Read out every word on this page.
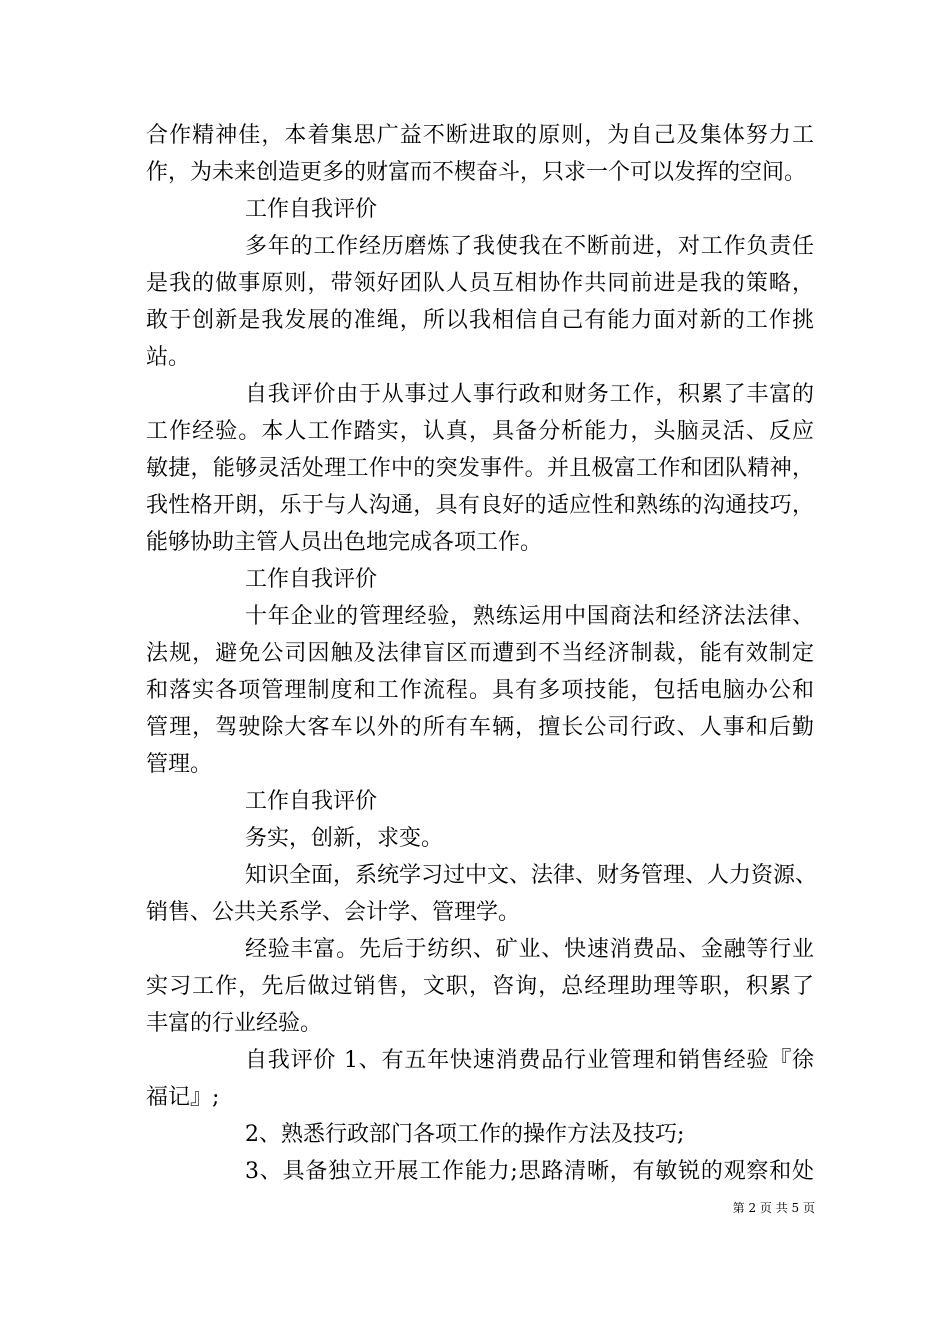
合作精神佳，本着集思广益不断进取的原则，为自己及集体努力工
作，为未来创造更多的财富而不楔奋斗，只求一个可以发挥的空间。
工作自我评价
多年的工作经历磨炼了我使我在不断前进，对工作负责任
是我的做事原则，带领好团队人员互相协作共同前进是我的策略，
敢于创新是我发展的准绳，所以我相信自己有能力面对新的工作挑
站。
自我评价由于从事过人事行政和财务工作，积累了丰富的
工作经验。本人工作踏实，认真，具备分析能力，头脑灵活、反应
敏捷，能够灵活处理工作中的突发事件。并且极富工作和团队精神，
我性格开朗，乐于与人沟通，具有良好的适应性和熟练的沟通技巧，
能够协助主管人员出色地完成各项工作。
工作自我评价
十年企业的管理经验，熟练运用中国商法和经济法法律、
法规，避免公司因触及法律盲区而遭到不当经济制裁，能有效制定
和落实各项管理制度和工作流程。具有多项技能，包括电脑办公和
管理，驾驶除大客车以外的所有车辆，擅长公司行政、人事和后勤
管理。
工作自我评价
务实，创新，求变。
知识全面，系统学习过中文、法律、财务管理、人力资源、
销售、公共关系学、会计学、管理学。
经验丰富。先后于纺织、矿业、快速消费品、金融等行业
实习工作，先后做过销售，文职，咨询，总经理助理等职，积累了
丰富的行业经验。
自我评价 1、有五年快速消费品行业管理和销售经验『徐
福记』;
2、熟悉行政部门各项工作的操作方法及技巧;
3、具备独立开展工作能力;思路清晰，有敏锐的观察和处
第 2 页 共 5 页
